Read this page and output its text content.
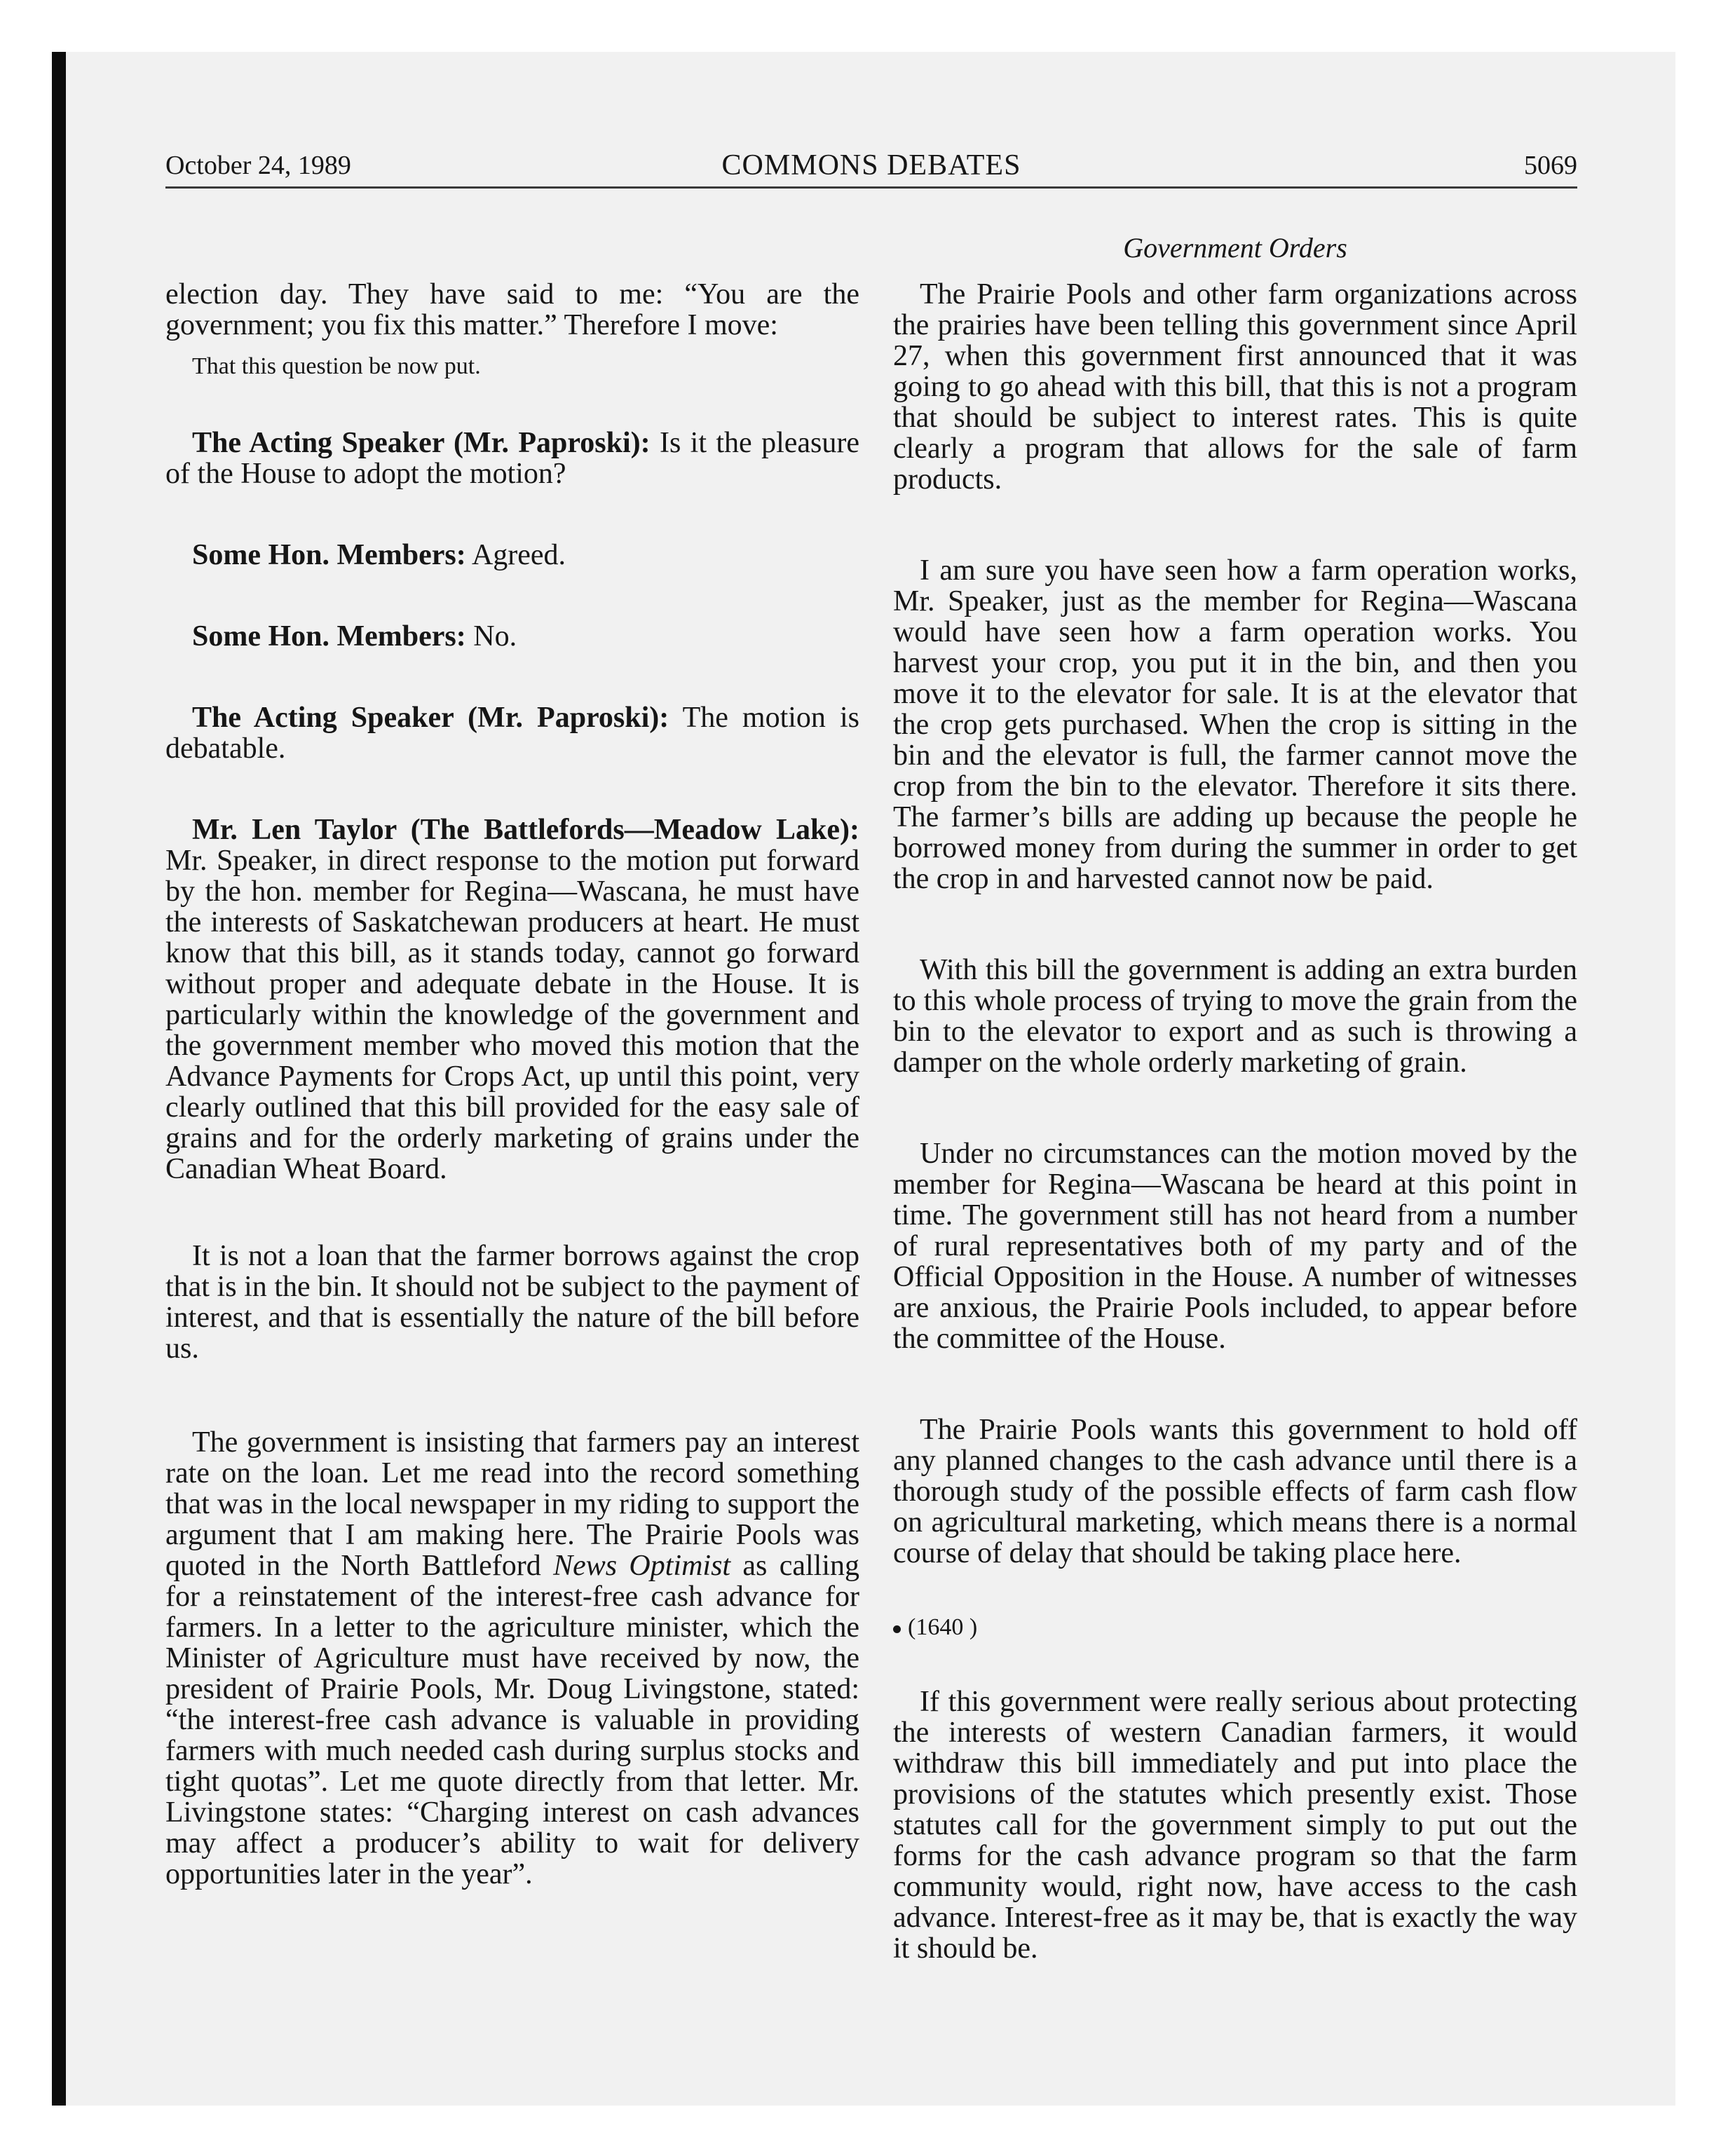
October 24, 1989	COMMONS DEBATES	5069
Government Orders

election day. They have said to me: “You are the government; you fix this matter.” Therefore I move:

That this question be now put.

The Acting Speaker (Mr. Paproski): Is it the pleasure of the House to adopt the motion?

Some Hon. Members: Agreed.

Some Hon. Members: No.

The Acting Speaker (Mr. Paproski): The motion is debatable.

Mr. Len Taylor (The Battlefords—Meadow Lake): Mr. Speaker, in direct response to the motion put forward by the hon. member for Regina—Wascana, he must have the interests of Saskatchewan producers at heart. He must know that this bill, as it stands today, cannot go forward without proper and adequate debate in the House. It is particularly within the knowledge of the government and the government member who moved this motion that the Advance Payments for Crops Act, up until this point, very clearly outlined that this bill provided for the easy sale of grains and for the orderly marketing of grains under the Canadian Wheat Board.

It is not a loan that the farmer borrows against the crop that is in the bin. It should not be subject to the payment of interest, and that is essentially the nature of the bill before us.

The government is insisting that farmers pay an interest rate on the loan. Let me read into the record something that was in the local newspaper in my riding to support the argument that I am making here. The Prairie Pools was quoted in the North Battleford News Optimist as calling for a reinstatement of the interest-free cash advance for farmers. In a letter to the agriculture minister, which the Minister of Agriculture must have received by now, the president of Prairie Pools, Mr. Doug Livingstone, stated: “the interest-free cash advance is valuable in providing farmers with much needed cash during surplus stocks and tight quotas”. Let me quote directly from that letter. Mr. Livingstone states: “Charging interest on cash advances may affect a producer’s ability to wait for delivery opportunities later in the year”.

The Prairie Pools and other farm organizations across the prairies have been telling this government since April 27, when this government first announced that it was going to go ahead with this bill, that this is not a program that should be subject to interest rates. This is quite clearly a program that allows for the sale of farm products.

I am sure you have seen how a farm operation works, Mr. Speaker, just as the member for Regina—Wascana would have seen how a farm operation works. You harvest your crop, you put it in the bin, and then you move it to the elevator for sale. It is at the elevator that the crop gets purchased. When the crop is sitting in the bin and the elevator is full, the farmer cannot move the crop from the bin to the elevator. Therefore it sits there. The farmer’s bills are adding up because the people he borrowed money from during the summer in order to get the crop in and harvested cannot now be paid.

With this bill the government is adding an extra burden to this whole process of trying to move the grain from the bin to the elevator to export and as such is throwing a damper on the whole orderly marketing of grain.

Under no circumstances can the motion moved by the member for Regina—Wascana be heard at this point in time. The government still has not heard from a number of rural representatives both of my party and of the Official Opposition in the House. A number of witnesses are anxious, the Prairie Pools included, to appear before the committee of the House.

The Prairie Pools wants this government to hold off any planned changes to the cash advance until there is a thorough study of the possible effects of farm cash flow on agricultural marketing, which means there is a normal course of delay that should be taking place here.

(1640 )

If this government were really serious about protecting the interests of western Canadian farmers, it would withdraw this bill immediately and put into place the provisions of the statutes which presently exist. Those statutes call for the government simply to put out the forms for the cash advance program so that the farm community would, right now, have access to the cash advance. Interest-free as it may be, that is exactly the way it should be.
